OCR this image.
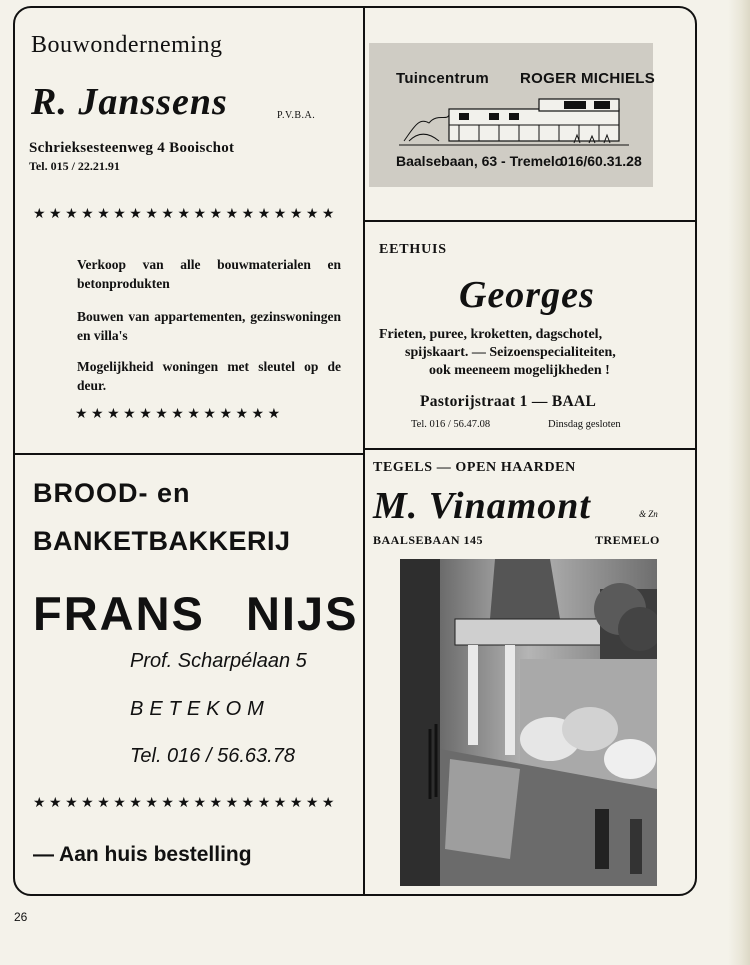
Bouwonderneming
R. Janssens	P.V.B.A.
Schrieksesteenweg 4 Booischot
Tel. 015 / 22.21.91
★★★★★★★★★★★★★★★★★★★
Verkoop van alle bouwmaterialen en betonprodukten
Bouwen van appartementen, gezinswoningen en villa's
Mogelijkheid woningen met sleutel op de deur.
★★★★★★★★★★★★★
Tuincentrum ROGER MICHIELS
Baalsebaan, 63 - Tremelo
016/60.31.28
EETHUIS
Georges
Frieten, puree, kroketten, dagschotel,
spijskaart. — Seizoenspecialiteiten,
ook meeneem mogelijkheden !
Pastorijstraat 1 — BAAL
Tel. 016 / 56.47.08	Dinsdag gesloten
BROOD- en
BANKETBAKKERIJ
FRANS NIJS
Prof. Scharpélaan 5
BETEKOM
Tel. 016 / 56.63.78
★★★★★★★★★★★★★★★★★★★
— Aan huis bestelling
TEGELS — OPEN HAARDEN
M. Vinamont	& Zn
BAALSEBAAN 145	TREMELO
26
